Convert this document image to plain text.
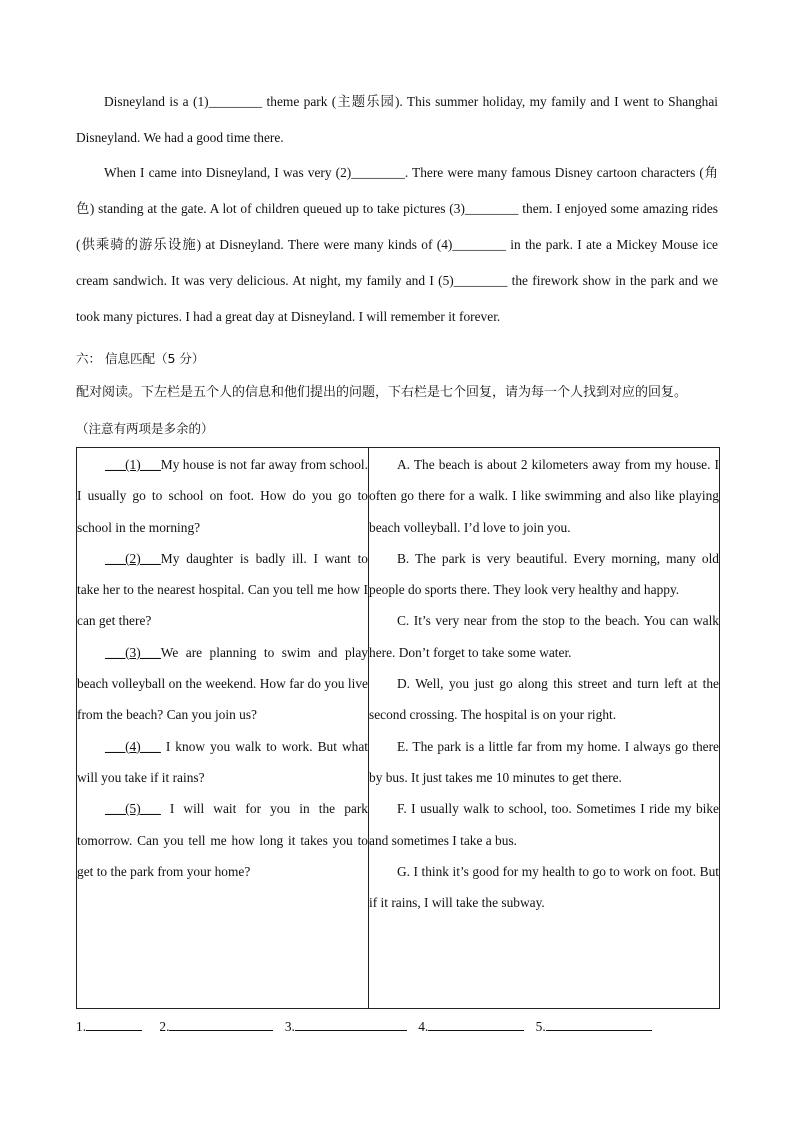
Disneyland is a (1)________ theme park (主题乐园). This summer holiday, my family and I went to Shanghai Disneyland. We had a good time there.

When I came into Disneyland, I was very (2)________. There were many famous Disney cartoon characters (角色) standing at the gate. A lot of children queued up to take pictures (3)________ them. I enjoyed some amazing rides (供乘骑的游乐设施) at Disneyland. There were many kinds of (4)________ in the park. I ate a Mickey Mouse ice cream sandwich. It was very delicious. At night, my family and I (5)________ the firework show in the park and we took many pictures. I had a great day at Disneyland. I will remember it forever.

六： 信息匹配（5 分）

配对阅读。下左栏是五个人的信息和他们提出的问题，下右栏是七个回复，请为每一个人找到对应的回复。

（注意有两项是多余的）

___(1)___My house is not far away from school. I usually go to school on foot. How do you go to school in the morning?

___(2)___My daughter is badly ill. I want to take her to the nearest hospital. Can you tell me how I can get there?

___(3)___We are planning to swim and play beach volleyball on the weekend. How far do you live from the beach? Can you join us?

___(4)___ I know you walk to work. But what will you take if it rains?

___(5)___ I will wait for you in the park tomorrow. Can you tell me how long it takes you to get to the park from your home?

A. The beach is about 2 kilometers away from my house. I often go there for a walk. I like swimming and also like playing beach volleyball. I’d love to join you.

B. The park is very beautiful. Every morning, many old people do sports there. They look very healthy and happy.

C. It’s very near from the stop to the beach. You can walk here. Don’t forget to take some water.

D. Well, you just go along this street and turn left at the second crossing. The hospital is on your right.

E. The park is a little far from my home. I always go there by bus. It just takes me 10 minutes to get there.

F. I usually walk to school, too. Sometimes I ride my bike and sometimes I take a bus.

G. I think it’s good for my health to go to work on foot. But if it rains, I will take the subway.

1.	2.	3.	4.	5.
